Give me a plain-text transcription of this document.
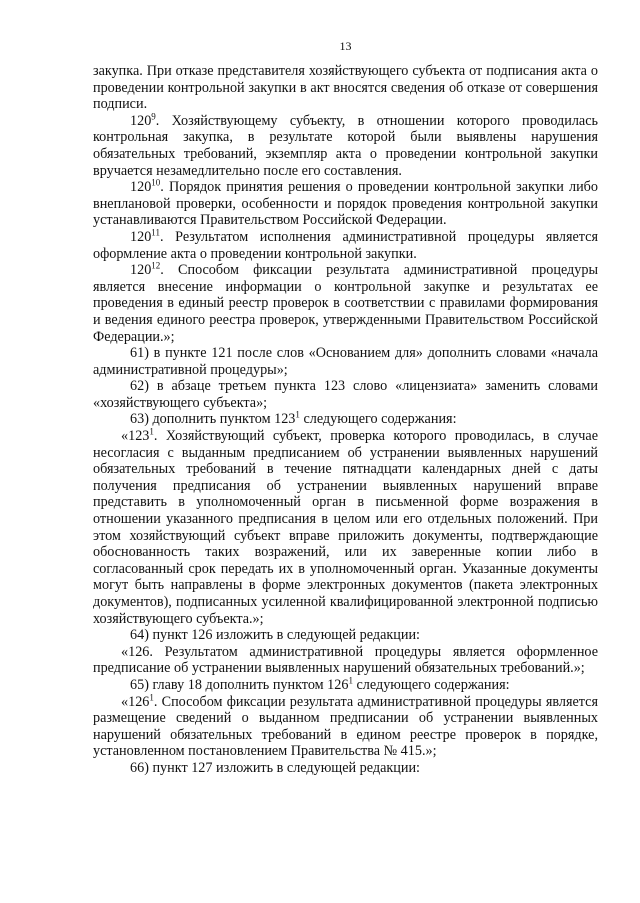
13

закупка. При отказе представителя хозяйствующего субъекта от подписания акта о проведении контрольной закупки в акт вносятся сведения об отказе от совершения подписи.

$120^9$. Хозяйствующему субъекту, в отношении которого проводилась контрольная закупка, в результате которой были выявлены нарушения обязательных требований, экземпляр акта о проведении контрольной закупки вручается незамедлительно после его составления.

$120^{10}$. Порядок принятия решения о проведении контрольной закупки либо внеплановой проверки, особенности и порядок проведения контрольной закупки устанавливаются Правительством Российской Федерации.

$120^{11}$. Результатом исполнения административной процедуры является оформление акта о проведении контрольной закупки.

$120^{12}$. Способом фиксации результата административной процедуры является внесение информации о контрольной закупке и результатах ее проведения в единый реестр проверок в соответствии с правилами формирования и ведения единого реестра проверок, утвержденными Правительством Российской Федерации.»;

61) в пункте 121 после слов «Основанием для» дополнить словами «начала административной процедуры»;

62) в абзаце третьем пункта 123 слово «лицензиата» заменить словами «хозяйствующего субъекта»;

63) дополнить пунктом $123^1$ следующего содержания:

«$123^1$. Хозяйствующий субъект, проверка которого проводилась, в случае несогласия с выданным предписанием об устранении выявленных нарушений обязательных требований в течение пятнадцати календарных дней с даты получения предписания об устранении выявленных нарушений вправе представить в уполномоченный орган в письменной форме возражения в отношении указанного предписания в целом или его отдельных положений. При этом хозяйствующий субъект вправе приложить документы, подтверждающие обоснованность таких возражений, или их заверенные копии либо в согласованный срок передать их в уполномоченный орган. Указанные документы могут быть направлены в форме электронных документов (пакета электронных документов), подписанных усиленной квалифицированной электронной подписью хозяйствующего субъекта.»;

64) пункт 126 изложить в следующей редакции:

«126. Результатом административной процедуры является оформленное предписание об устранении выявленных нарушений обязательных требований.»;

65) главу 18 дополнить пунктом $126^1$ следующего содержания:

«$126^1$. Способом фиксации результата административной процедуры является размещение сведений о выданном предписании об устранении выявленных нарушений обязательных требований в едином реестре проверок в порядке, установленном постановлением Правительства № 415.»;

66) пункт 127 изложить в следующей редакции:
